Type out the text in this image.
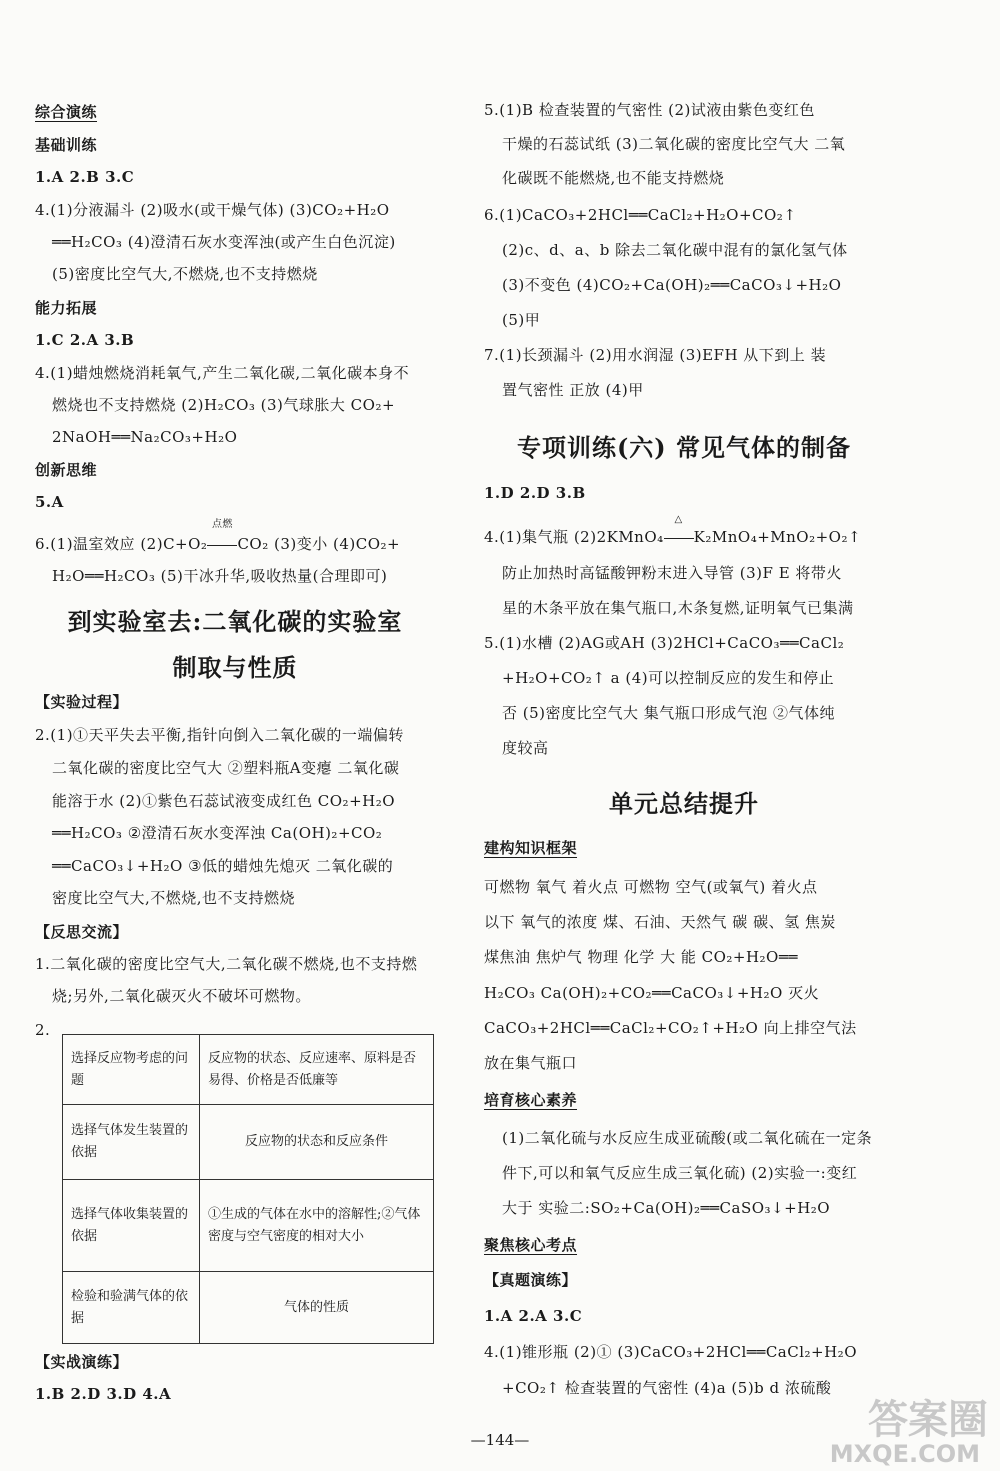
综合演练
基础训练
1.A 2.B 3.C
4.(1)分液漏斗 (2)吸水(或干燥气体) (3)CO₂+H₂O
══H₂CO₃ (4)澄清石灰水变浑浊(或产生白色沉淀)
(5)密度比空气大,不燃烧,也不支持燃烧
能力拓展
1.C 2.A 3.B
4.(1)蜡烛燃烧消耗氧气,产生二氧化碳,二氧化碳本身不
燃烧也不支持燃烧 (2)H₂CO₃ (3)气球胀大 CO₂+
2NaOH══Na₂CO₃+H₂O
创新思维
5.A
6.(1)温室效应 (2)C+O₂
点燃
CO₂ (3)变小 (4)CO₂+
H₂O══H₂CO₃ (5)干冰升华,吸收热量(合理即可)
到实验室去:二氧化碳的实验室
制取与性质
【实验过程】
2.(1)①天平失去平衡,指针向倒入二氧化碳的一端偏转
二氧化碳的密度比空气大 ②塑料瓶A变瘪 二氧化碳
能溶于水 (2)①紫色石蕊试液变成红色 CO₂+H₂O
══H₂CO₃ ②澄清石灰水变浑浊 Ca(OH)₂+CO₂
══CaCO₃↓+H₂O ③低的蜡烛先熄灭 二氧化碳的
密度比空气大,不燃烧,也不支持燃烧
【反思交流】
1.二氧化碳的密度比空气大,二氧化碳不燃烧,也不支持燃
烧;另外,二氧化碳灭火不破坏可燃物。
2.
选择反应物考虑的问题	反应物的状态、反应速率、原料是否易得、价格是否低廉等
选择气体发生装置的依据	反应物的状态和反应条件
选择气体收集装置的依据	①生成的气体在水中的溶解性;②气体密度与空气密度的相对大小
检验和验满气体的依据	气体的性质
【实战演练】
1.B 2.D 3.D 4.A
5.(1)B 检查装置的气密性 (2)试液由紫色变红色
干燥的石蕊试纸 (3)二氧化碳的密度比空气大 二氧
化碳既不能燃烧,也不能支持燃烧
6.(1)CaCO₃+2HCl══CaCl₂+H₂O+CO₂↑
(2)c、d、a、b 除去二氧化碳中混有的氯化氢气体
(3)不变色 (4)CO₂+Ca(OH)₂══CaCO₃↓+H₂O
(5)甲
7.(1)长颈漏斗 (2)用水润湿 (3)EFH 从下到上 装
置气密性 正放 (4)甲
专项训练(六) 常见气体的制备
1.D 2.D 3.B
4.(1)集气瓶 (2)2KMnO₄
△
K₂MnO₄+MnO₂+O₂↑
防止加热时高锰酸钾粉末进入导管 (3)F E 将带火
星的木条平放在集气瓶口,木条复燃,证明氧气已集满
5.(1)水槽 (2)AG或AH (3)2HCl+CaCO₃══CaCl₂
+H₂O+CO₂↑ a (4)可以控制反应的发生和停止
否 (5)密度比空气大 集气瓶口形成气泡 ②气体纯
度较高
单元总结提升
建构知识框架
可燃物 氧气 着火点 可燃物 空气(或氧气) 着火点
以下 氧气的浓度 煤、石油、天然气 碳 碳、氢 焦炭
煤焦油 焦炉气 物理 化学 大 能 CO₂+H₂O══
H₂CO₃ Ca(OH)₂+CO₂══CaCO₃↓+H₂O 灭火
CaCO₃+2HCl══CaCl₂+CO₂↑+H₂O 向上排空气法
放在集气瓶口
培育核心素养
(1)二氧化硫与水反应生成亚硫酸(或二氧化硫在一定条
件下,可以和氧气反应生成三氧化硫) (2)实验一:变红
大于 实验二:SO₂+Ca(OH)₂══CaSO₃↓+H₂O
聚焦核心考点
【真题演练】
1.A 2.A 3.C
4.(1)锥形瓶 (2)① (3)CaCO₃+2HCl══CaCl₂+H₂O
+CO₂↑ 检查装置的气密性 (4)a (5)b d 浓硫酸
—144—	答案圈
MXQE.COM
